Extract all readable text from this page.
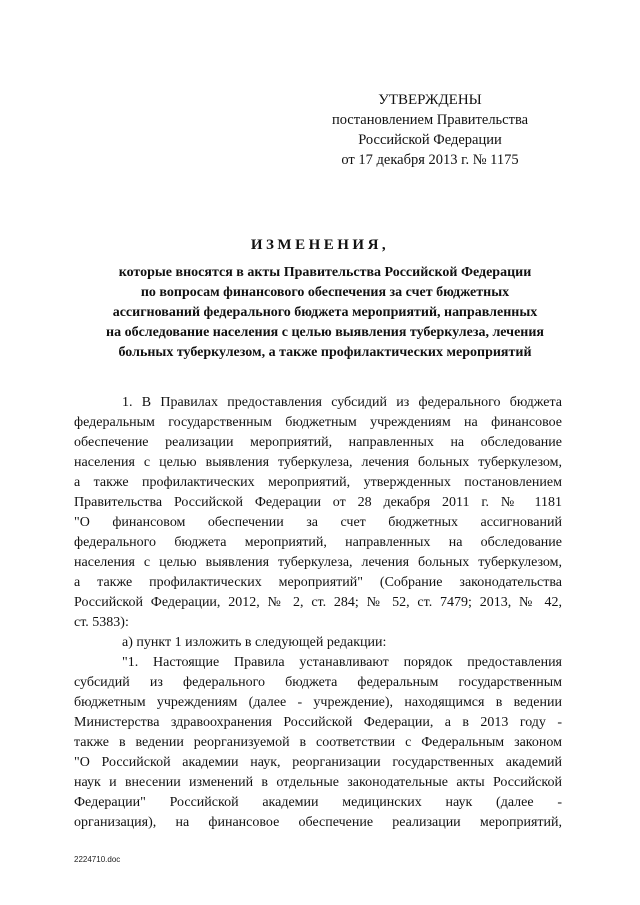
УТВЕРЖДЕНЫ
постановлением Правительства
Российской Федерации
от 17 декабря 2013 г. № 1175
ИЗМЕНЕНИЯ,
которые вносятся в акты Правительства Российской Федерации
по вопросам финансового обеспечения за счет бюджетных
ассигнований федерального бюджета мероприятий, направленных
на обследование населения с целью выявления туберкулеза, лечения
больных туберкулезом, а также профилактических мероприятий
1. В Правилах предоставления субсидий из федерального бюджета
федеральным государственным бюджетным учреждениям на финансовое
обеспечение реализации мероприятий, направленных на обследование
населения с целью выявления туберкулеза, лечения больных туберкулезом,
а также профилактических мероприятий, утвержденных постановлением
Правительства Российской Федерации от 28 декабря 2011 г. № 1181
"О финансовом обеспечении за счет бюджетных ассигнований
федерального бюджета мероприятий, направленных на обследование
населения с целью выявления туберкулеза, лечения больных туберкулезом,
а также профилактических мероприятий" (Собрание законодательства
Российской Федерации, 2012, № 2, ст. 284; № 52, ст. 7479; 2013, № 42,
ст. 5383):
а) пункт 1 изложить в следующей редакции:
"1. Настоящие Правила устанавливают порядок предоставления
субсидий из федерального бюджета федеральным государственным
бюджетным учреждениям (далее - учреждение), находящимся в ведении
Министерства здравоохранения Российской Федерации, а в 2013 году -
также в ведении реорганизуемой в соответствии с Федеральным законом
"О Российской академии наук, реорганизации государственных академий
наук и внесении изменений в отдельные законодательные акты Российской
Федерации" Российской академии медицинских наук (далее -
организация), на финансовое обеспечение реализации мероприятий,
2224710.doc
